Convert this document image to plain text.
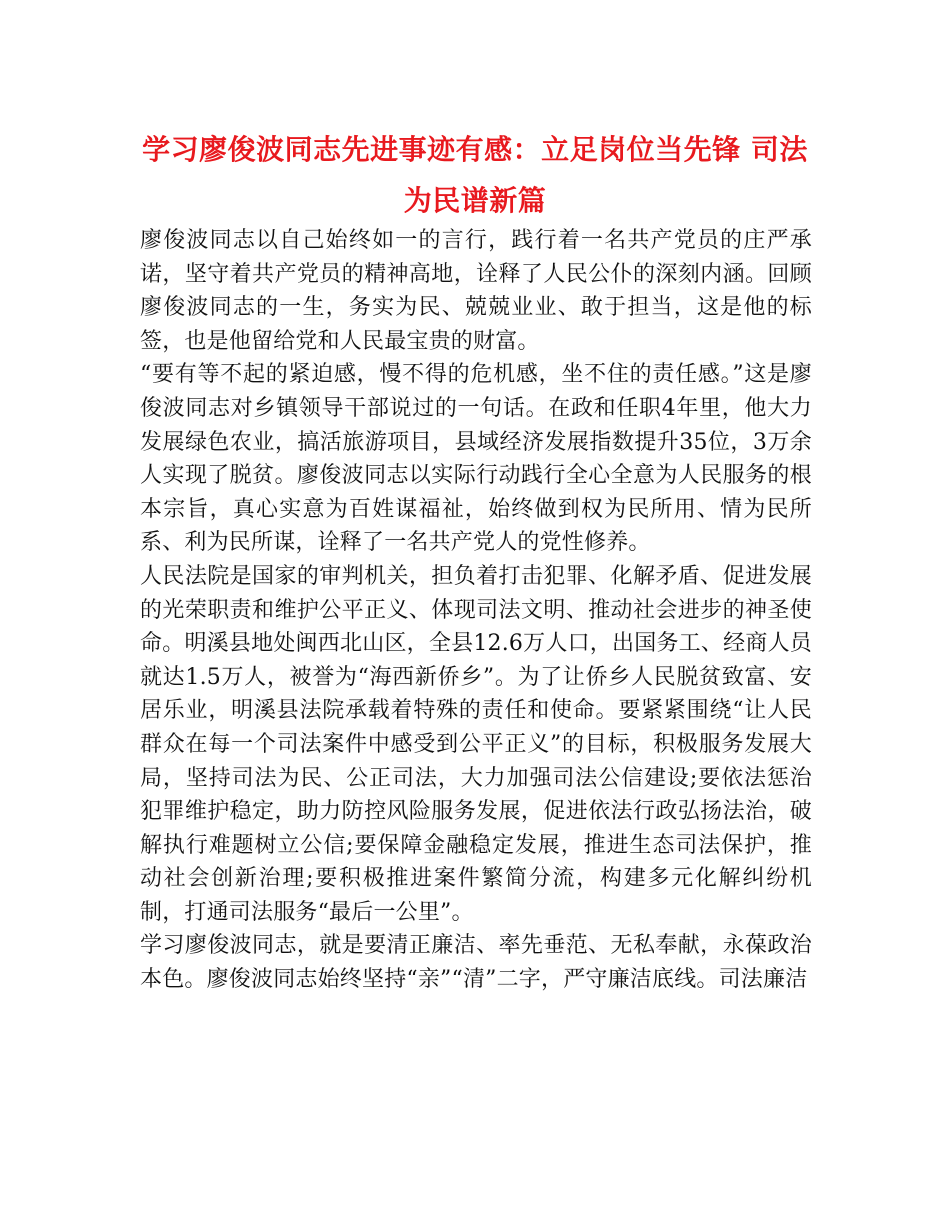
学习廖俊波同志先进事迹有感：立足岗位当先锋 司法为民谱新篇

廖俊波同志以自己始终如一的言行，践行着一名共产党员的庄严承诺，坚守着共产党员的精神高地，诠释了人民公仆的深刻内涵。回顾廖俊波同志的一生，务实为民、兢兢业业、敢于担当，这是他的标签，也是他留给党和人民最宝贵的财富。

“要有等不起的紧迫感，慢不得的危机感，坐不住的责任感。”这是廖俊波同志对乡镇领导干部说过的一句话。在政和任职4年里，他大力发展绿色农业，搞活旅游项目，县域经济发展指数提升35位，3万余人实现了脱贫。廖俊波同志以实际行动践行全心全意为人民服务的根本宗旨，真心实意为百姓谋福祉，始终做到权为民所用、情为民所系、利为民所谋，诠释了一名共产党人的党性修养。

人民法院是国家的审判机关，担负着打击犯罪、化解矛盾、促进发展的光荣职责和维护公平正义、体现司法文明、推动社会进步的神圣使命。明溪县地处闽西北山区，全县12.6万人口，出国务工、经商人员就达1.5万人，被誉为“海西新侨乡”。为了让侨乡人民脱贫致富、安居乐业，明溪县法院承载着特殊的责任和使命。要紧紧围绕“让人民群众在每一个司法案件中感受到公平正义”的目标，积极服务发展大局，坚持司法为民、公正司法，大力加强司法公信建设;要依法惩治犯罪维护稳定，助力防控风险服务发展，促进依法行政弘扬法治，破解执行难题树立公信;要保障金融稳定发展，推进生态司法保护，推动社会创新治理;要积极推进案件繁简分流，构建多元化解纠纷机制，打通司法服务“最后一公里”。

学习廖俊波同志，就是要清正廉洁、率先垂范、无私奉献，永葆政治本色。廖俊波同志始终坚持“亲”“清”二字，严守廉洁底线。司法廉洁
